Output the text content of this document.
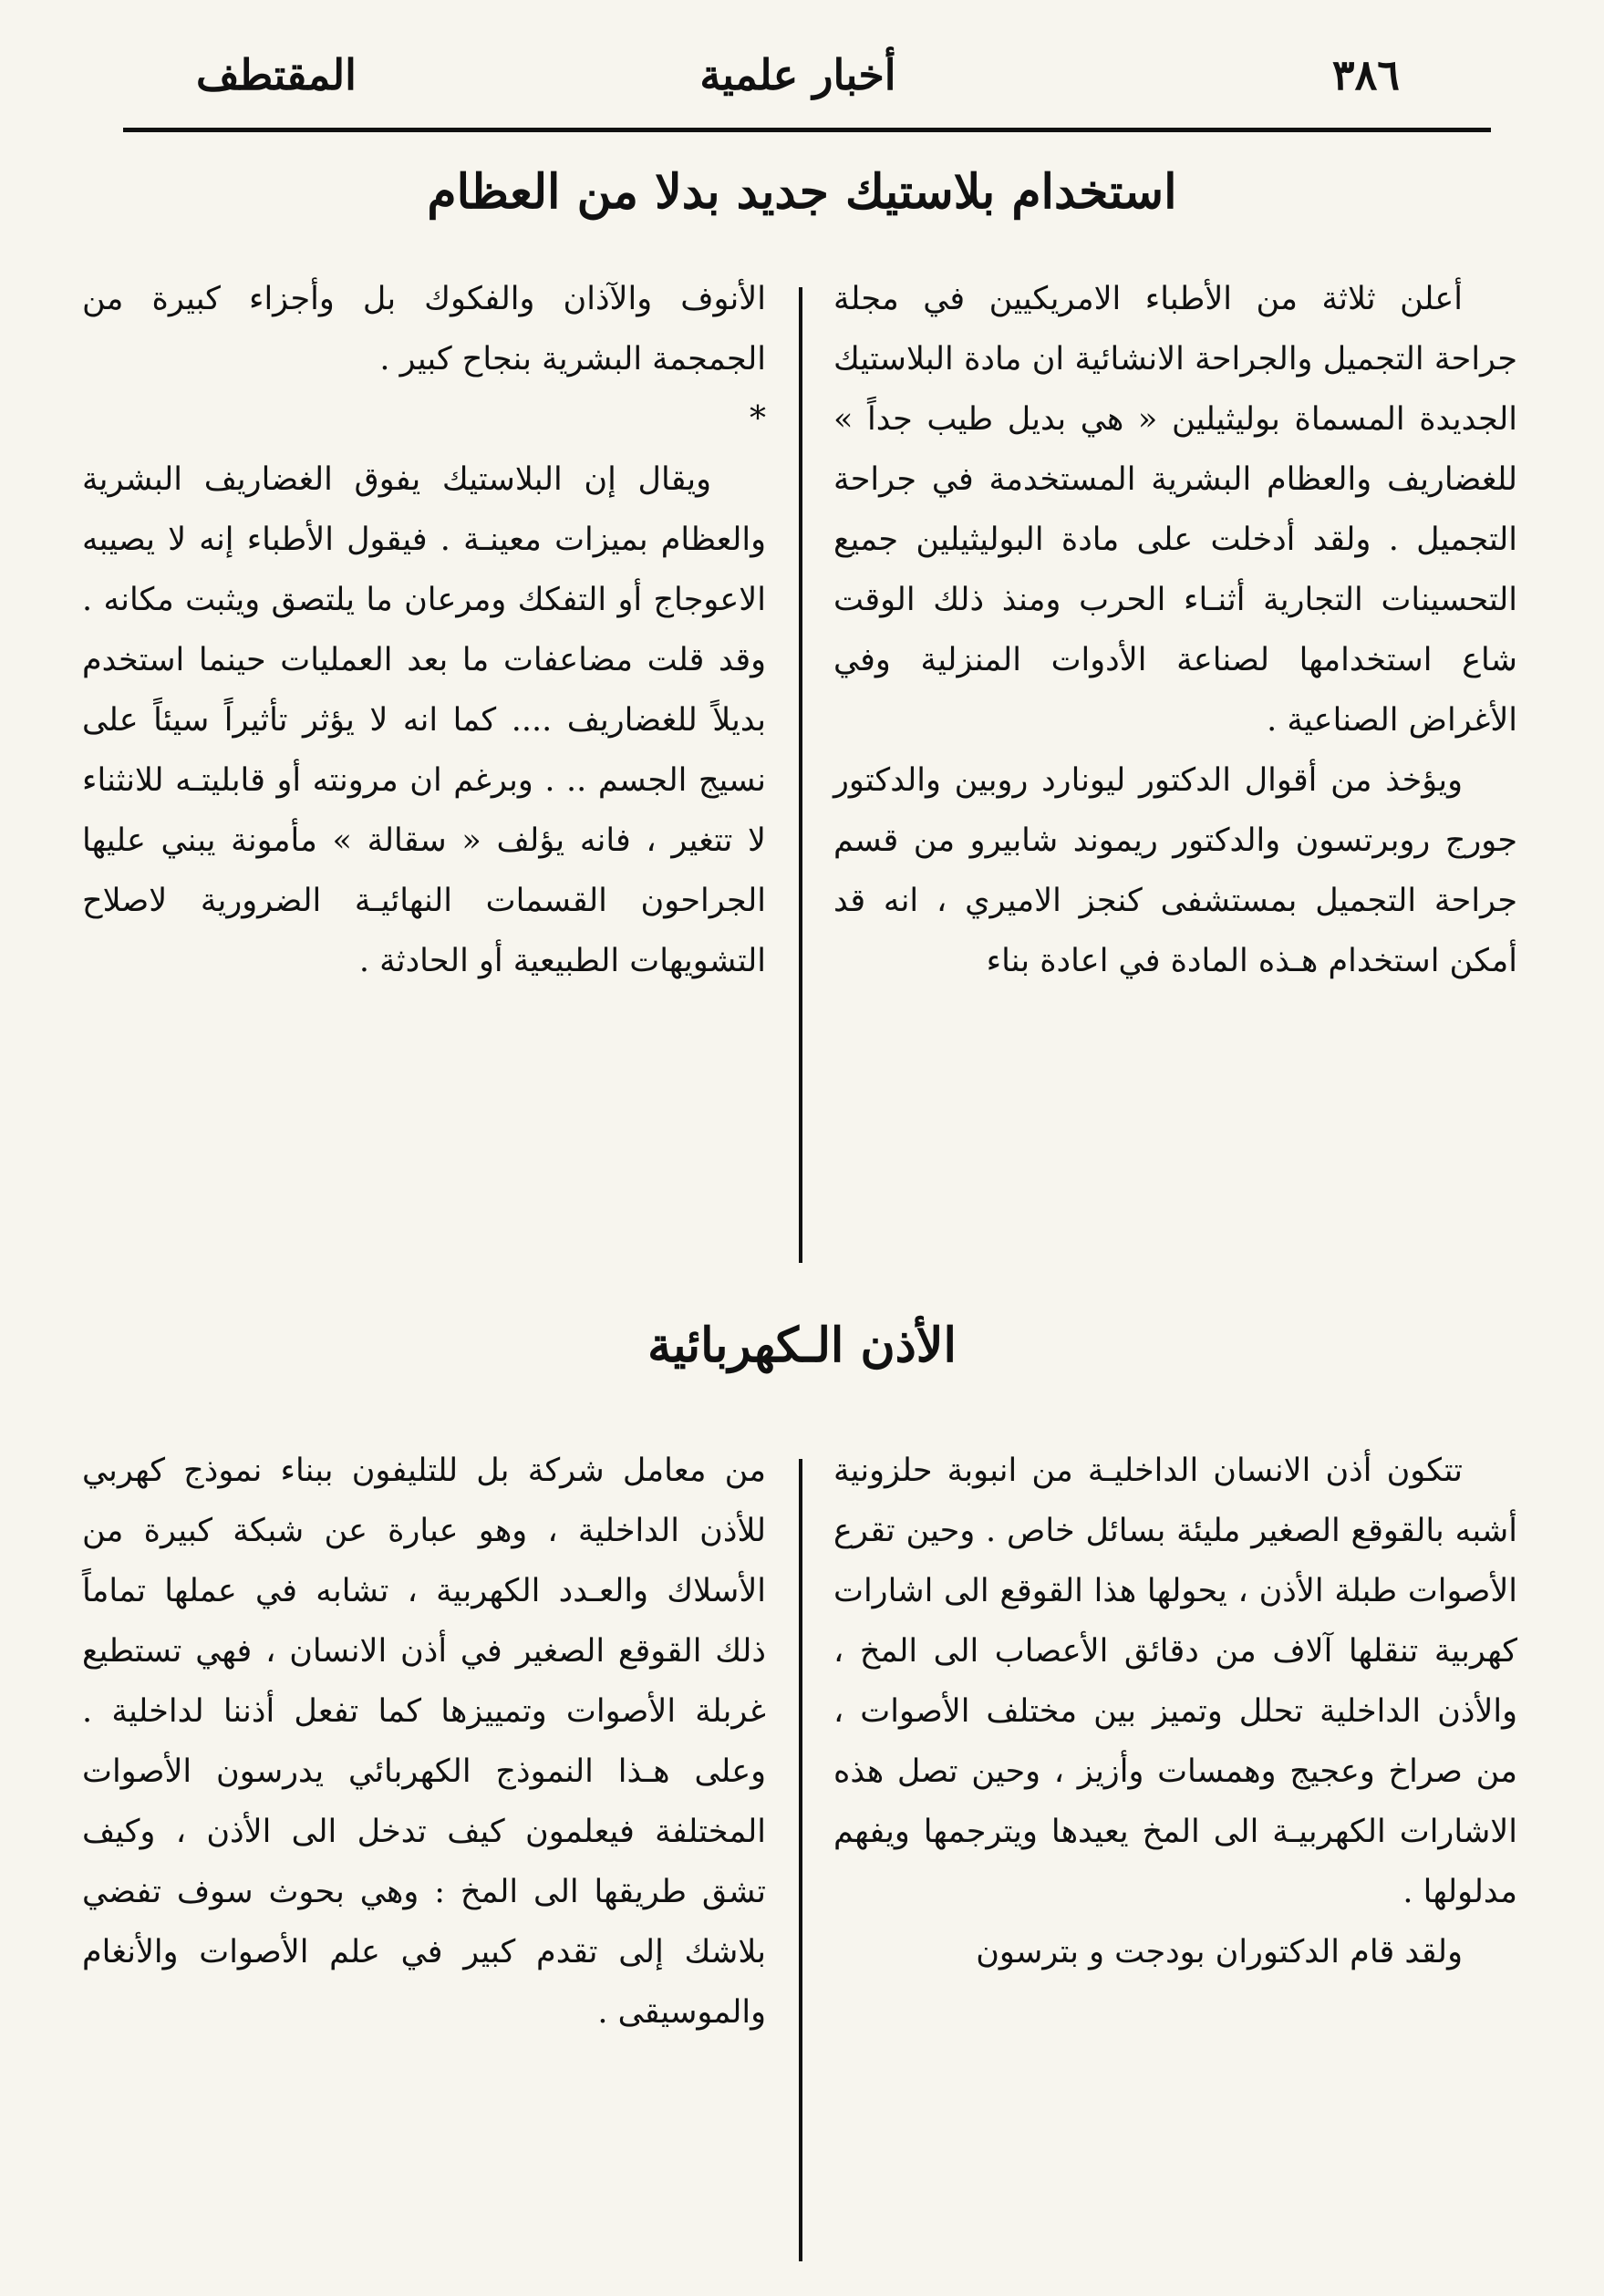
٣٨٦
أخبار علمية
المقتطف
استخدام بلاستيك جديد بدلا من العظام

أعلن ثلاثة من الأطباء الامريكيين في مجلة جراحة التجميل والجراحة الانشائية ان مادة البلاستيك الجديدة المسماة بوليثيلين « هي بديل طيب جداً » للغضاريف والعظام البشرية المستخدمة في جراحة التجميل . ولقد أدخلت على مادة البوليثيلين جميع التحسينات التجارية أثنـاء الحرب ومنذ ذلك الوقت شاع استخدامها لصناعة الأدوات المنزلية وفي الأغراض الصناعية .

ويؤخذ من أقوال الدكتور ليونارد روبين والدكتور جورج روبرتسون والدكتور ريموند شابيرو من قسم جراحة التجميل بمستشفى كنجز الاميري ، انه قد أمكن استخدام هـذه المادة في اعادة بناء

الأنوف والآذان والفكوك بل وأجزاء كبيرة من الجمجمة البشرية بنجاح كبير .

*

ويقال إن البلاستيك يفوق الغضاريف البشرية والعظام بميزات معينـة . فيقول الأطباء إنه لا يصيبه الاعوجاج أو التفكك ومرعان ما يلتصق ويثبت مكانه . وقد قلت مضاعفات ما بعد العمليات حينما استخدم بديلاً للغضاريف .... كما انه لا يؤثر تأثيراً سيئاً على نسيج الجسم .. . وبرغم ان مرونته أو قابليتـه للانثناء لا تتغير ، فانه يؤلف « سقالة » مأمونة يبني عليها الجراحون القسمات النهائيـة الضرورية لاصلاح التشويهات الطبيعية أو الحادثة .

الأذن الـكهربائية

تتكون أذن الانسان الداخليـة من انبوبة حلزونية أشبه بالقوقع الصغير مليئة بسائل خاص . وحين تقرع الأصوات طبلة الأذن ، يحولها هذا القوقع الى اشارات كهربية تنقلها آلاف من دقائق الأعصاب الى المخ ، والأذن الداخلية تحلل وتميز بين مختلف الأصوات ، من صراخ وعجيج وهمسات وأزيز ، وحين تصل هذه الاشارات الكهربيـة الى المخ يعيدها ويترجمها ويفهم مدلولها .

ولقد قام الدكتوران بودجت و بترسون

من معامل شركة بل للتليفون ببناء نموذج كهربي للأذن الداخلية ، وهو عبارة عن شبكة كبيرة من الأسلاك والعـدد الكهربية ، تشابه في عملها تماماً ذلك القوقع الصغير في أذن الانسان ، فهي تستطيع غربلة الأصوات وتمييزها كما تفعل أذننا لداخلية . وعلى هـذا النموذج الكهربائي يدرسون الأصوات المختلفة فيعلمون كيف تدخل الى الأذن ، وكيف تشق طريقها الى المخ : وهي بحوث سوف تفضي بلاشك إلى تقدم كبير في علم الأصوات والأنغام والموسيقى .
